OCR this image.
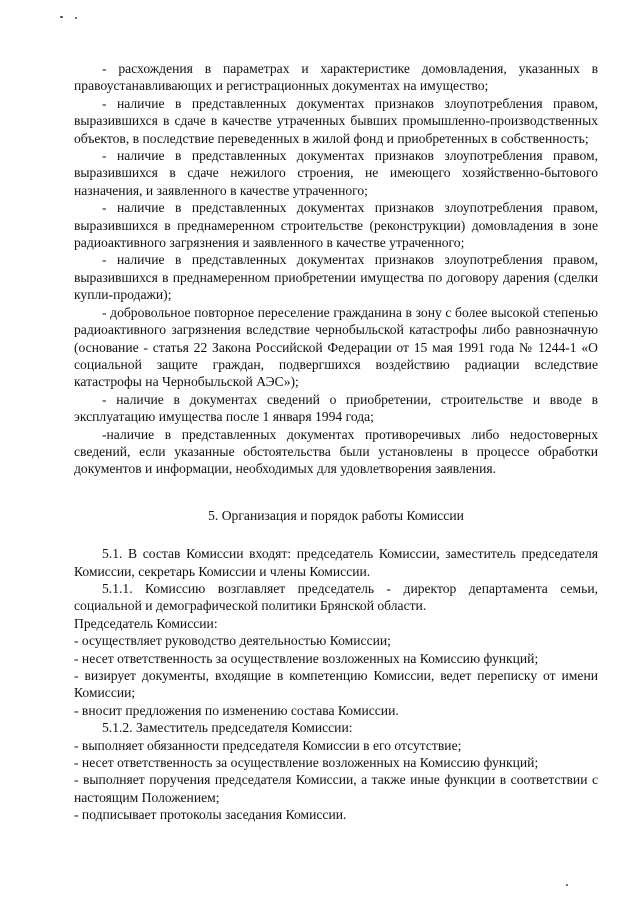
- расхождения в параметрах и характеристике домовладения, указанных в правоустанавливающих и регистрационных документах на имущество;

- наличие в представленных документах признаков злоупотребления правом, выразившихся в сдаче в качестве утраченных бывших промышленно-производственных объектов, в последствие переведенных в жилой фонд и приобретенных в собственность;

- наличие в представленных документах признаков злоупотребления правом, выразившихся в сдаче нежилого строения, не имеющего хозяйственно-бытового назначения, и заявленного в качестве утраченного;

- наличие в представленных документах признаков злоупотребления правом, выразившихся в преднамеренном строительстве (реконструкции) домовладения в зоне радиоактивного загрязнения и заявленного в качестве утраченного;

- наличие в представленных документах признаков злоупотребления правом, выразившихся в преднамеренном приобретении имущества по договору дарения (сделки купли-продажи);

- добровольное повторное переселение гражданина в зону с более высокой степенью радиоактивного загрязнения вследствие чернобыльской катастрофы либо равнозначную (основание - статья 22 Закона Российской Федерации от 15 мая 1991 года № 1244-1 «О социальной защите граждан, подвергшихся воздействию радиации вследствие катастрофы на Чернобыльской АЭС»);

- наличие в документах сведений о приобретении, строительстве и вводе в эксплуатацию имущества после 1 января 1994 года;

-наличие в представленных документах противоречивых либо недостоверных сведений, если указанные обстоятельства были установлены в процессе обработки документов и информации, необходимых для удовлетворения заявления.

5. Организация и порядок работы Комиссии

5.1. В состав Комиссии входят: председатель Комиссии, заместитель председателя Комиссии, секретарь Комиссии и члены Комиссии.

5.1.1. Комиссию возглавляет председатель - директор департамента семьи, социальной и демографической политики Брянской области.

Председатель Комиссии:

- осуществляет руководство деятельностью Комиссии;

- несет ответственность за осуществление возложенных на Комиссию функций;

- визирует документы, входящие в компетенцию Комиссии, ведет переписку от имени Комиссии;

- вносит предложения по изменению состава Комиссии.

5.1.2. Заместитель председателя Комиссии:

- выполняет обязанности председателя Комиссии в его отсутствие;

- несет ответственность за осуществление возложенных на Комиссию функций;

- выполняет поручения председателя Комиссии, а также иные функции в соответствии с настоящим Положением;

- подписывает протоколы заседания Комиссии.
